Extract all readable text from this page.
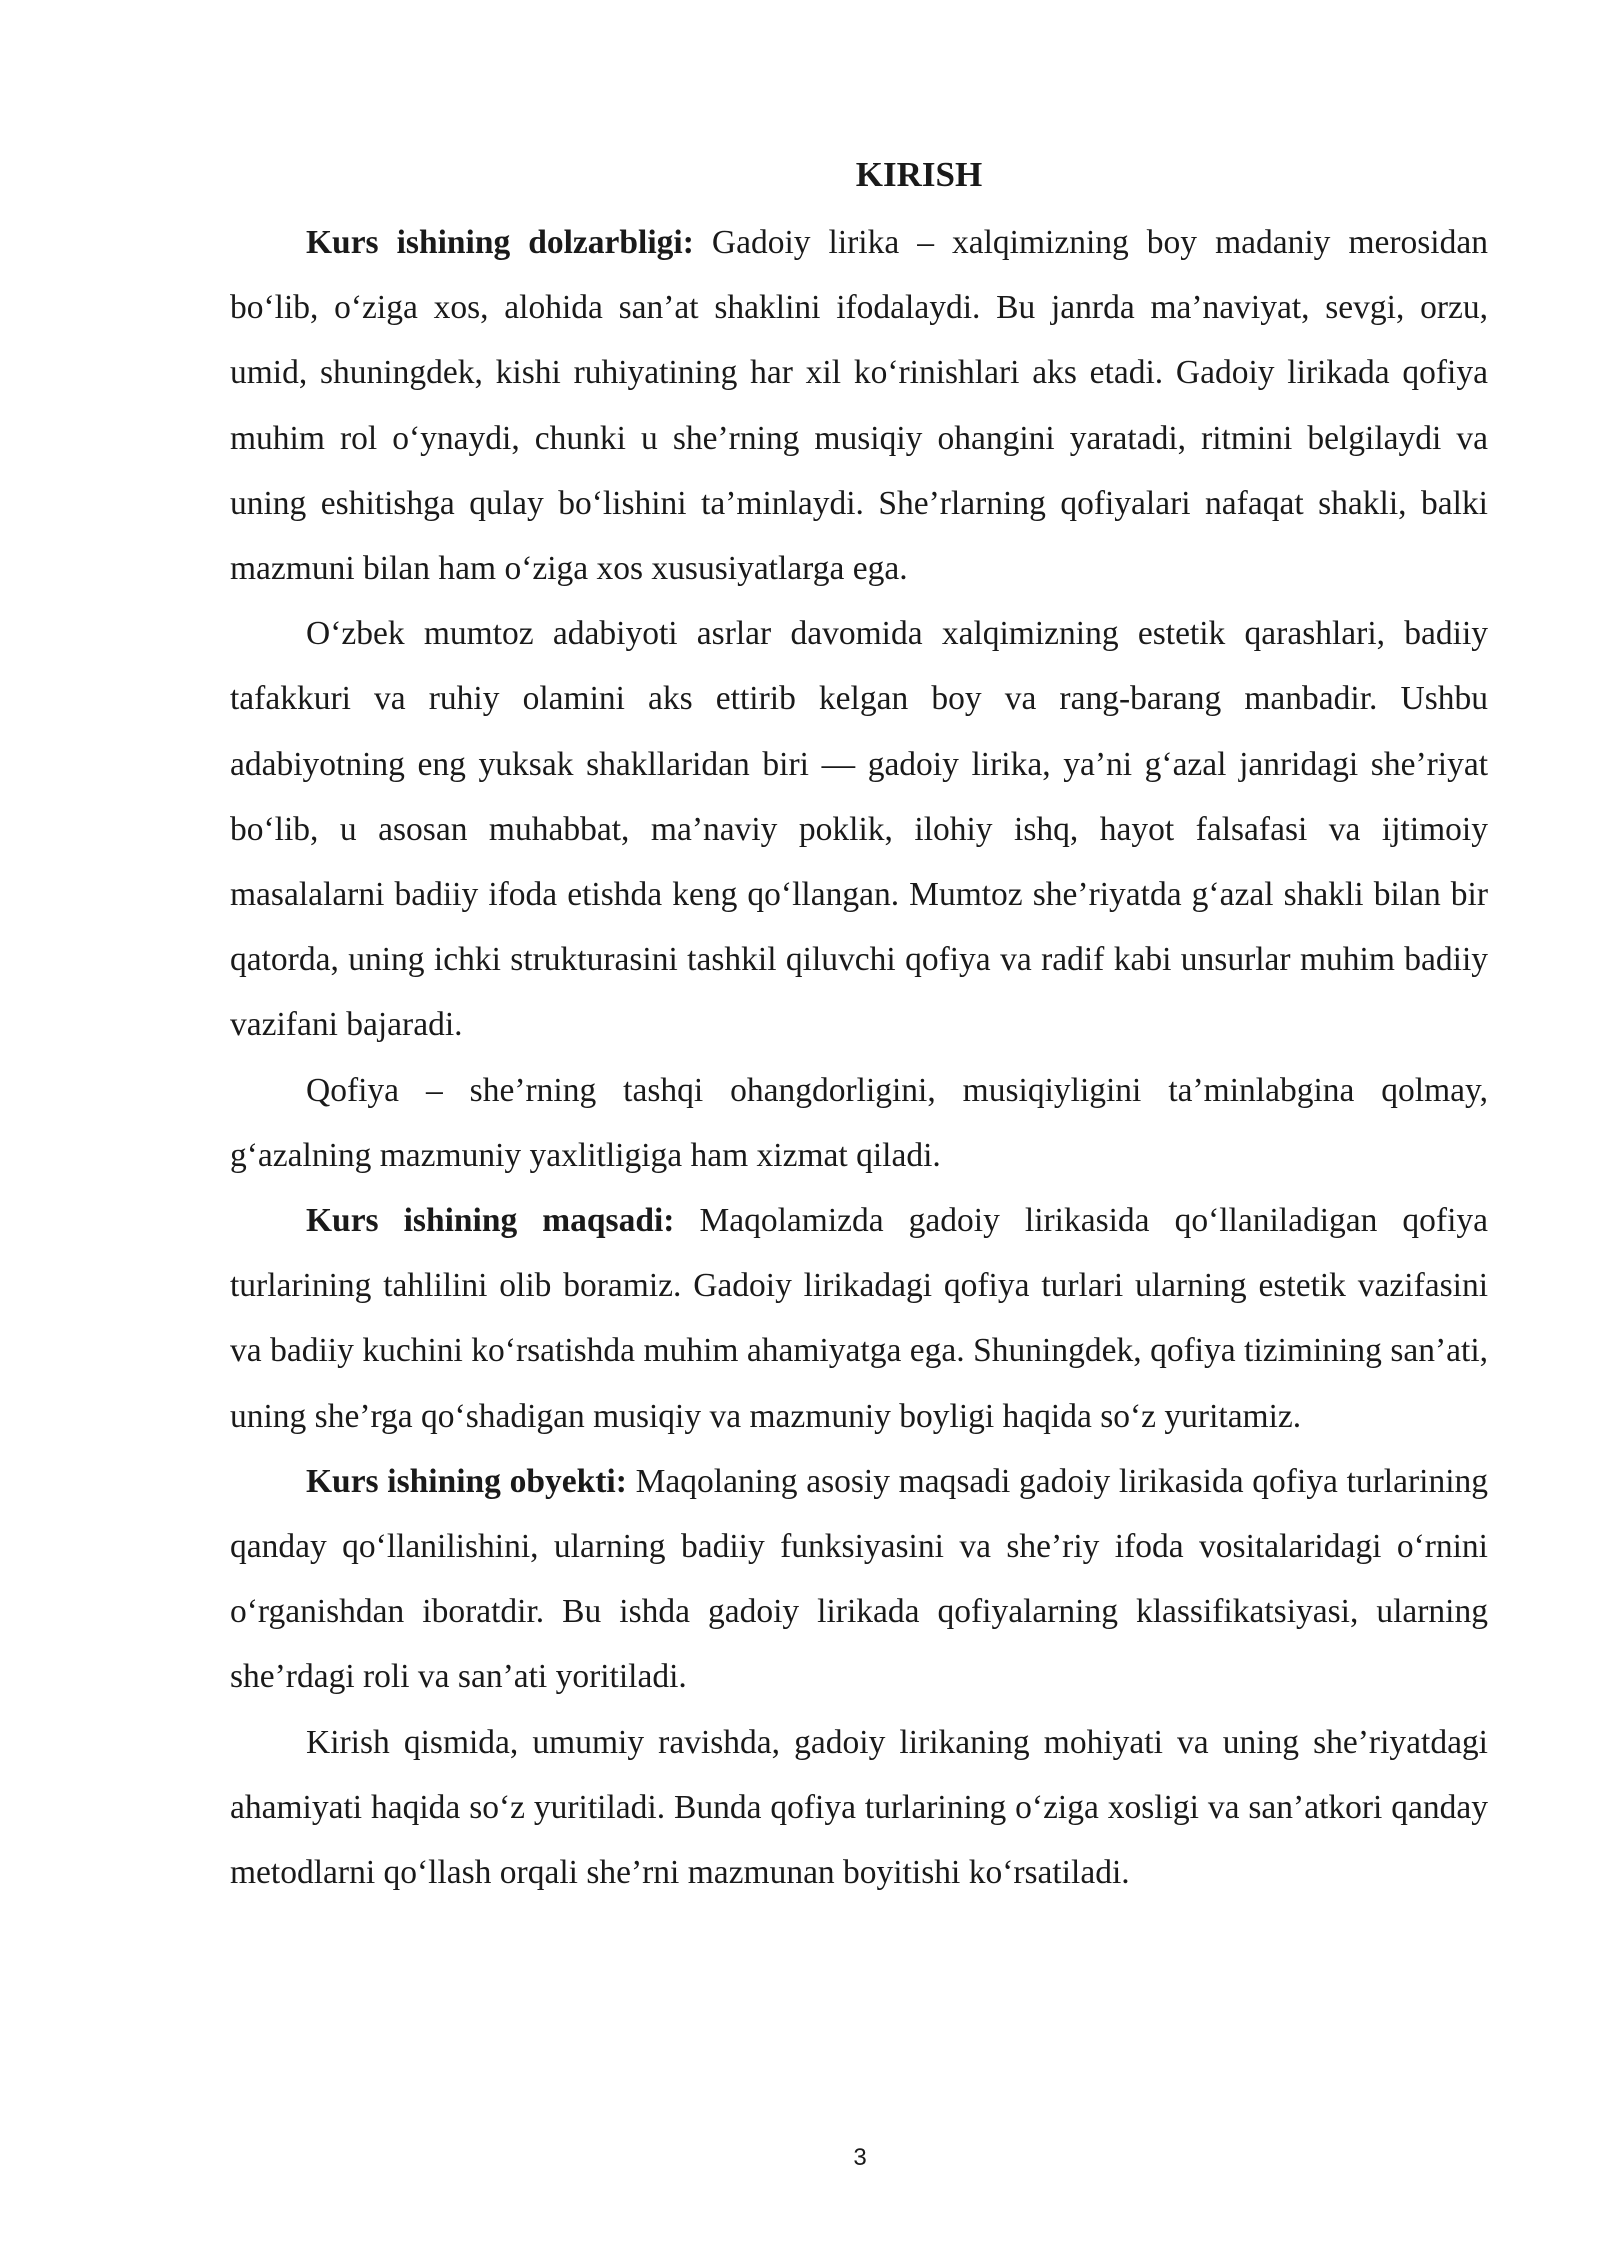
KIRISH

Kurs ishining dolzarbligi: Gadoiy lirika – xalqimizning boy madaniy merosidan bo‘lib, o‘ziga xos, alohida san’at shaklini ifodalaydi. Bu janrda ma’naviyat, sevgi, orzu, umid, shuningdek, kishi ruhiyatining har xil ko‘rinishlari aks etadi. Gadoiy lirikada qofiya muhim rol o‘ynaydi, chunki u she’rning musiqiy ohangini yaratadi, ritmini belgilaydi va uning eshitishga qulay bo‘lishini ta’minlaydi. She’rlarning qofiyalari nafaqat shakli, balki mazmuni bilan ham o‘ziga xos xususiyatlarga ega.

O‘zbek mumtoz adabiyoti asrlar davomida xalqimizning estetik qarashlari, badiiy tafakkuri va ruhiy olamini aks ettirib kelgan boy va rang-barang manbadir. Ushbu adabiyotning eng yuksak shakllaridan biri — gadoiy lirika, ya’ni g‘azal janridagi she’riyat bo‘lib, u asosan muhabbat, ma’naviy poklik, ilohiy ishq, hayot falsafasi va ijtimoiy masalalarni badiiy ifoda etishda keng qo‘llangan. Mumtoz she’riyatda g‘azal shakli bilan bir qatorda, uning ichki strukturasini tashkil qiluvchi qofiya va radif kabi unsurlar muhim badiiy vazifani bajaradi.

Qofiya – she’rning tashqi ohangdorligini, musiqiyligini ta’minlabgina qolmay, g‘azalning mazmuniy yaxlitligiga ham xizmat qiladi.

Kurs ishining maqsadi: Maqolamizda gadoiy lirikasida qo‘llaniladigan qofiya turlarining tahlilini olib boramiz. Gadoiy lirikadagi qofiya turlari ularning estetik vazifasini va badiiy kuchini ko‘rsatishda muhim ahamiyatga ega. Shuningdek, qofiya tizimining san’ati, uning she’rga qo‘shadigan musiqiy va mazmuniy boyligi haqida so‘z yuritamiz.

Kurs ishining obyekti: Maqolaning asosiy maqsadi gadoiy lirikasida qofiya turlarining qanday qo‘llanilishini, ularning badiiy funksiyasini va she’riy ifoda vositalaridagi o‘rnini o‘rganishdan iboratdir. Bu ishda gadoiy lirikada qofiyalarning klassifikatsiyasi, ularning she’rdagi roli va san’ati yoritiladi.

Kirish qismida, umumiy ravishda, gadoiy lirikaning mohiyati va uning she’riyatdagi ahamiyati haqida so‘z yuritiladi. Bunda qofiya turlarining o‘ziga xosligi va san’atkori qanday metodlarni qo‘llash orqali she’rni mazmunan boyitishi ko‘rsatiladi.

3
